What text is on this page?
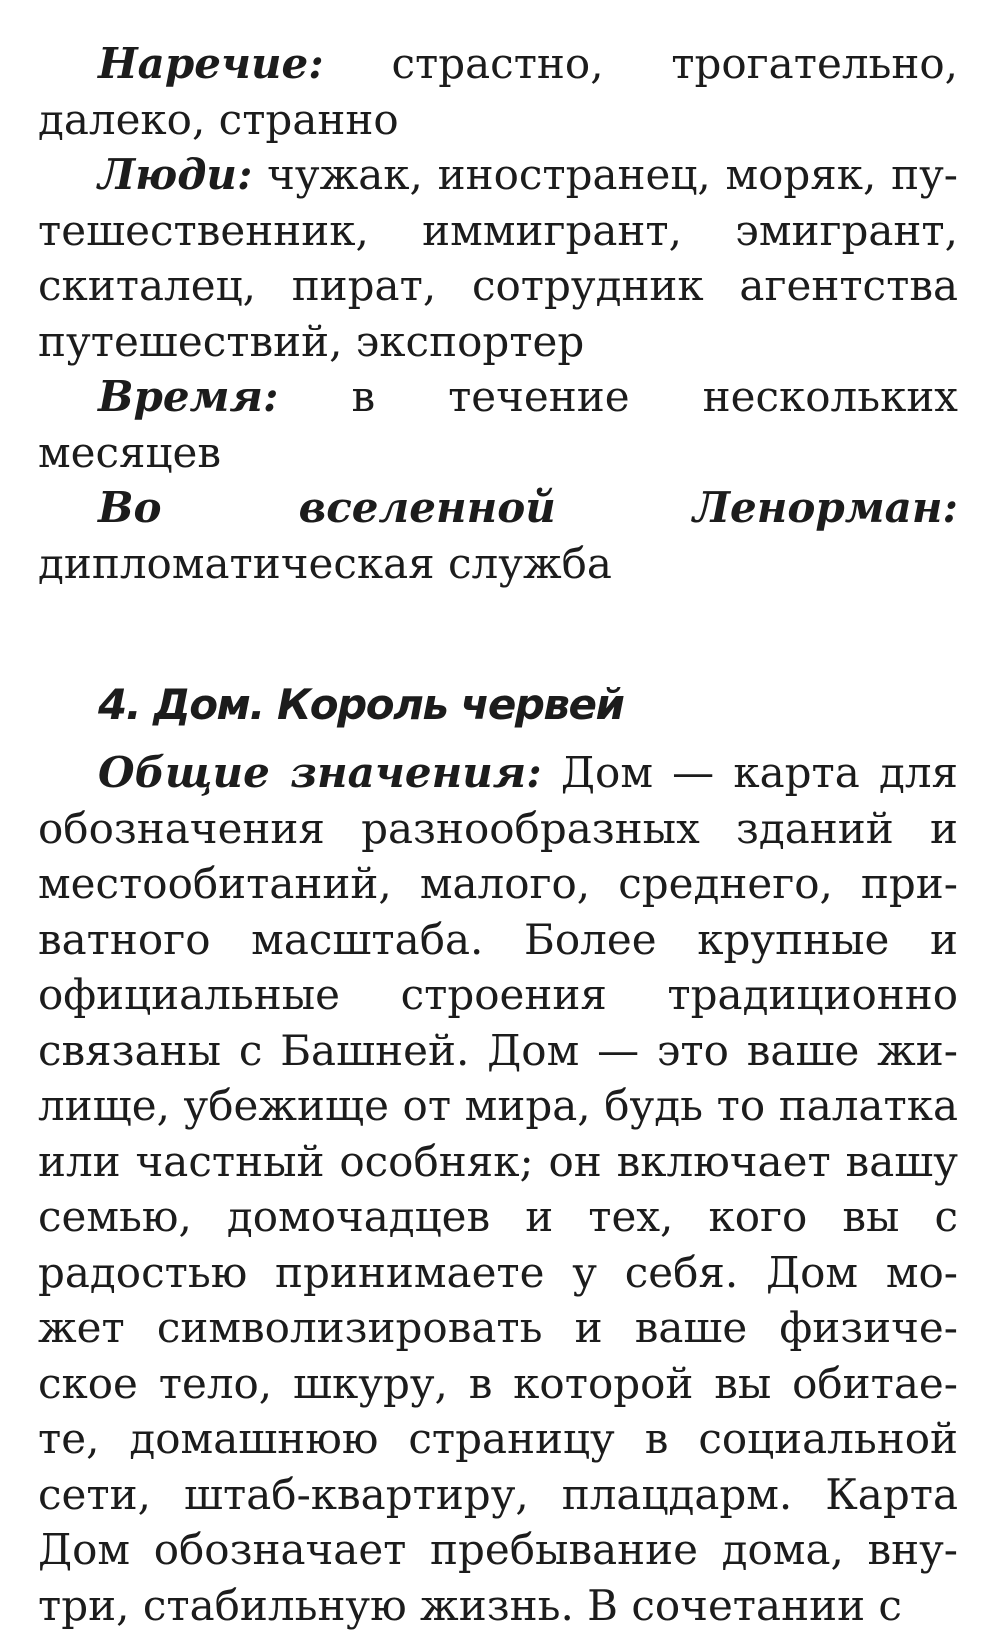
Наречие: страстно, трогательно, далеко, странно

Люди: чужак, иностранец, моряк, путешественник, иммигрант, эмигрант, скиталец, пират, сотрудник агентства путешествий, экспортер

Время: в течение нескольких месяцев

Во вселенной Ленорман: дипломатическая служба

4. Дом. Король червей

Общие значения: Дом — карта для обозначения разнообразных зданий и местообитаний, малого, среднего, приватного масштаба. Более крупные и официальные строения традиционно связаны с Башней. Дом — это ваше жилище, убежище от мира, будь то палатка или частный особняк; он включает вашу семью, домочадцев и тех, кого вы с радостью принимаете у себя. Дом может символизировать и ваше физическое тело, шкуру, в которой вы обитаете, домашнюю страницу в социальной сети, штаб-квартиру, плацдарм. Карта Дом обозначает пребывание дома, внутри, стабильную жизнь. В сочетании с
